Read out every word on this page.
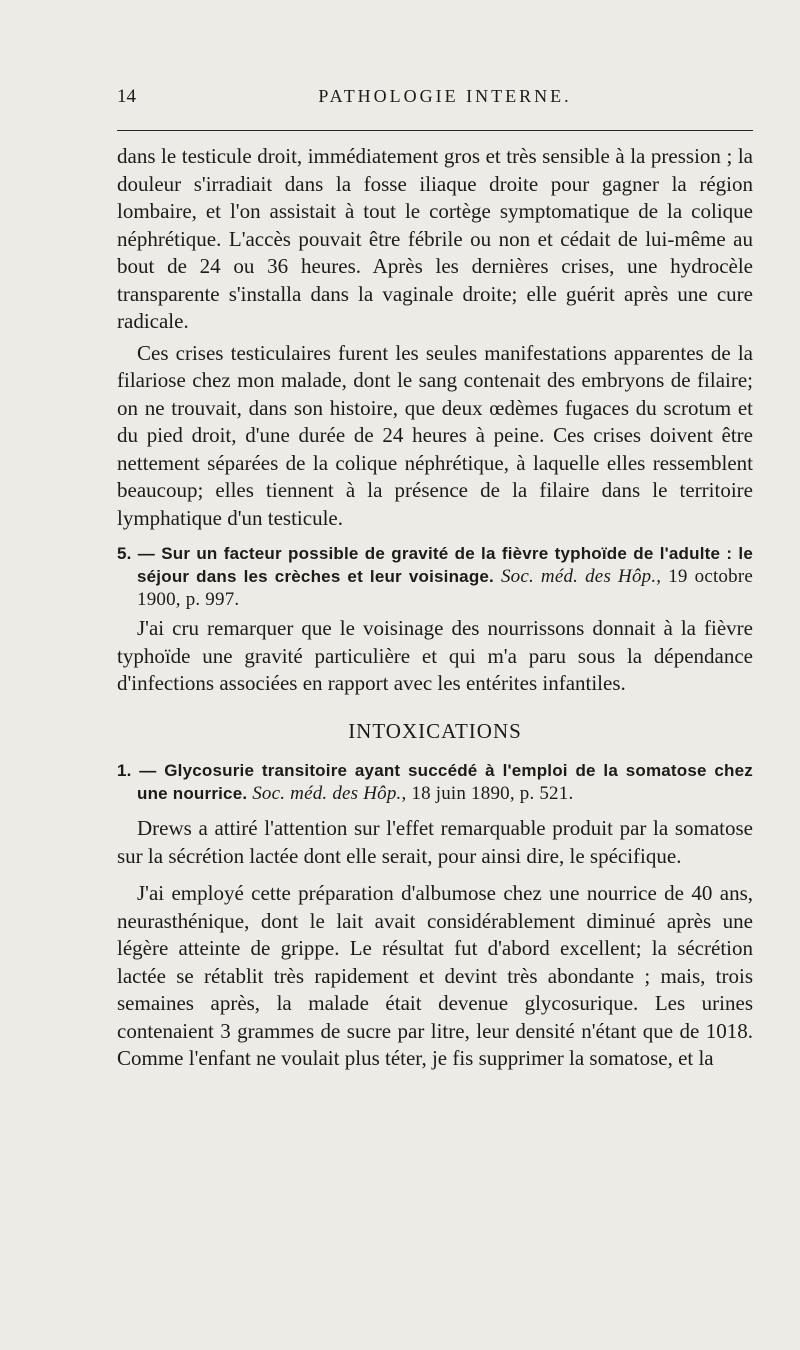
14	PATHOLOGIE INTERNE.

dans le testicule droit, immédiatement gros et très sensible à la pression ; la douleur s'irradiait dans la fosse iliaque droite pour gagner la région lombaire, et l'on assistait à tout le cortège symptomatique de la colique néphrétique. L'accès pouvait être fébrile ou non et cédait de lui-même au bout de 24 ou 36 heures. Après les dernières crises, une hydrocèle transparente s'installa dans la vaginale droite; elle guérit après une cure radicale.

Ces crises testiculaires furent les seules manifestations apparentes de la filariose chez mon malade, dont le sang contenait des embryons de filaire; on ne trouvait, dans son histoire, que deux œdèmes fugaces du scrotum et du pied droit, d'une durée de 24 heures à peine. Ces crises doivent être nettement séparées de la colique néphrétique, à laquelle elles ressemblent beaucoup; elles tiennent à la présence de la filaire dans le territoire lymphatique d'un testicule.

5. — Sur un facteur possible de gravité de la fièvre typhoïde de l'adulte : le séjour dans les crèches et leur voisinage. Soc. méd. des Hôp., 19 octobre 1900, p. 997.

J'ai cru remarquer que le voisinage des nourrissons donnait à la fièvre typhoïde une gravité particulière et qui m'a paru sous la dépendance d'infections associées en rapport avec les entérites infantiles.

INTOXICATIONS

1. — Glycosurie transitoire ayant succédé à l'emploi de la somatose chez une nourrice. Soc. méd. des Hôp., 18 juin 1890, p. 521.

Drews a attiré l'attention sur l'effet remarquable produit par la somatose sur la sécrétion lactée dont elle serait, pour ainsi dire, le spécifique.

J'ai employé cette préparation d'albumose chez une nourrice de 40 ans, neurasthénique, dont le lait avait considérablement diminué après une légère atteinte de grippe. Le résultat fut d'abord excellent; la sécrétion lactée se rétablit très rapidement et devint très abondante ; mais, trois semaines après, la malade était devenue glycosurique. Les urines contenaient 3 grammes de sucre par litre, leur densité n'étant que de 1018. Comme l'enfant ne voulait plus téter, je fis supprimer la somatose, et la
